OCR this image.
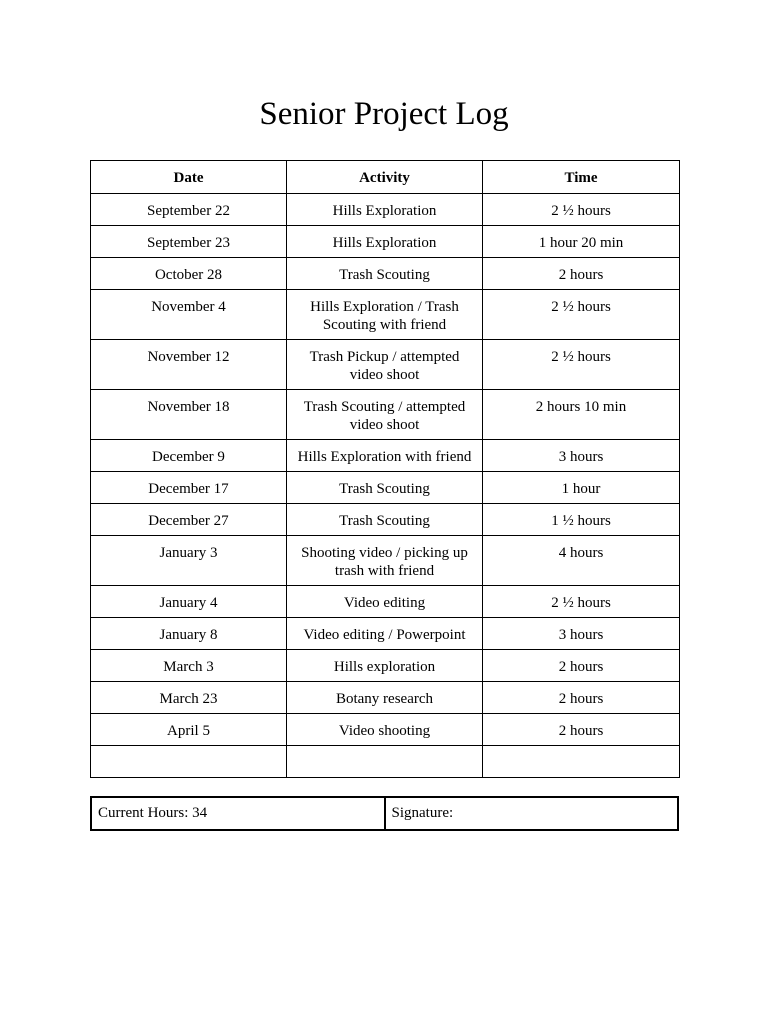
Senior Project Log
Date	Activity	Time
September 22	Hills Exploration	2 ½ hours
September 23	Hills Exploration	1 hour 20 min
October 28	Trash Scouting	2 hours
November 4	Hills Exploration / Trash Scouting with friend	2 ½ hours
November 12	Trash Pickup / attempted video shoot	2 ½ hours
November 18	Trash Scouting / attempted video shoot	2 hours 10 min
December 9	Hills Exploration with friend	3 hours
December 17	Trash Scouting	1 hour
December 27	Trash Scouting	1 ½ hours
January 3	Shooting video / picking up trash with friend	4 hours
January 4	Video editing	2 ½ hours
January 8	Video editing / Powerpoint	3 hours
March 3	Hills exploration	2 hours
March 23	Botany research	2 hours
April 5	Video shooting	2 hours

Current Hours: 34	Signature:
